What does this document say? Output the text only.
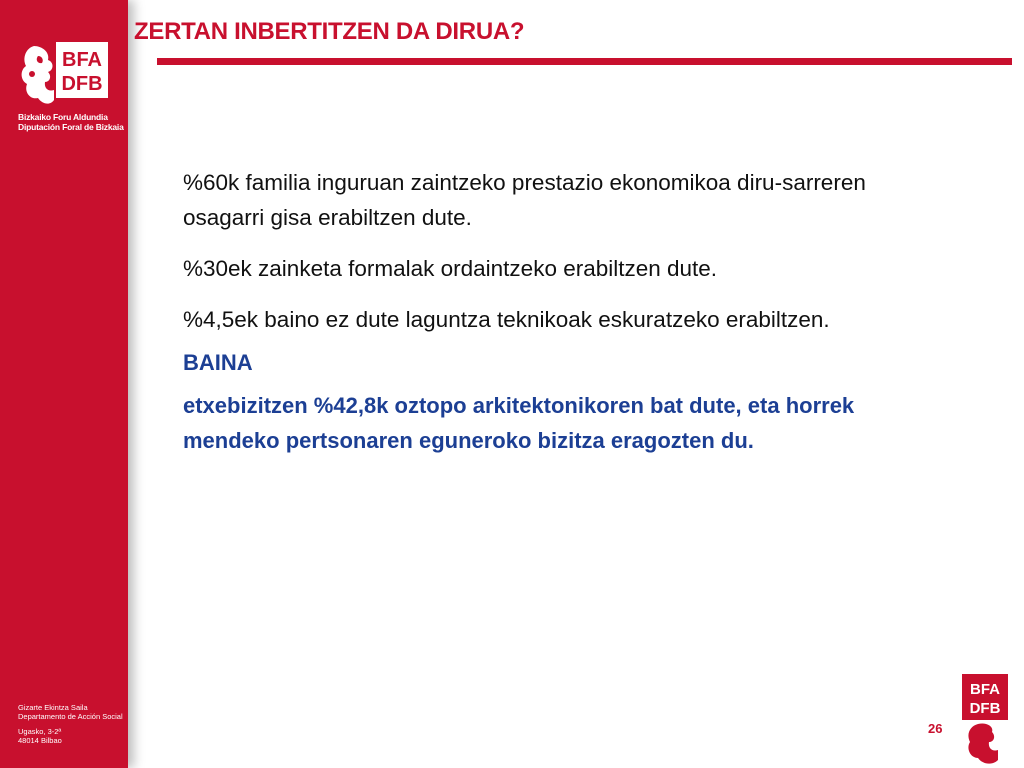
BFA
DFB
Bizkaiko Foru Aldundia
Diputación Foral de Bizkaia
Gizarte Ekintza Saila
Departamento de Acción Social
Ugasko, 3-2ª
48014 Bilbao
ZERTAN INBERTITZEN DA DIRUA?

%60k familia inguruan zaintzeko prestazio ekonomikoa diru-sarreren osagarri gisa erabiltzen dute.

%30ek zainketa formalak ordaintzeko erabiltzen dute.

%4,5ek baino ez dute laguntza teknikoak eskuratzeko erabiltzen.

BAINA

etxebizitzen %42,8k oztopo arkitektonikoren bat dute, eta horrek mendeko pertsonaren eguneroko bizitza eragozten du.

26
BFA
DFB
